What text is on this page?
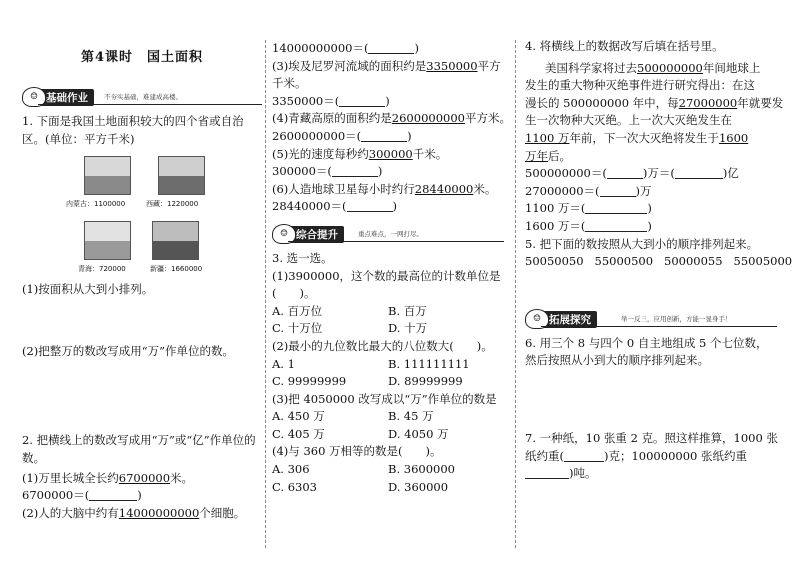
第4课时　国土面积
基础作业
☺	不夯实基础，难建成高楼。

1. 下面是我国土地面积较大的四个省或自治区。(单位：平方千米)

内蒙古：1100000	西藏：1220000
青海：720000	新疆：1660000

(1)按面积从大到小排列。

(2)把整万的数改写成用“万”作单位的数。

2. 把横线上的数改写成用“万”或“亿”作单位的数。

(1)万里长城全长约6700000米。

6700000＝(	)

(2)人的大脑中约有14000000000个细胞。

14000000000＝(	)

(3)埃及尼罗河流域的面积约是3350000平方

千米。

3350000＝(	)

(4)青藏高原的面积约是2600000000平方米。

2600000000＝(	)

(5)光的速度每秒约300000千米。

300000＝(	)

(6)人造地球卫星每小时约行28440000米。

28440000＝(	)

综合提升
☺	重点难点，一网打尽。

3. 选一选。

(1)3900000，这个数的最高位的计数单位是

(　　)。

A. 百万位	B. 百万
C. 十万位	D. 十万

(2)最小的九位数比最大的八位数大(　　)。

A. 1	B. 111111111
C. 99999999	D. 89999999

(3)把 4050000 改写成以“万”作单位的数是

A. 450 万	B. 45 万
C. 405 万	D. 4050 万

(4)与 360 万相等的数是(　　)。

A. 306	B. 3600000
C. 6303	D. 360000

4. 将横线上的数据改写后填在括号里。

美国科学家将过去500000000年间地球上

发生的重大物种灭绝事件进行研究得出：在这

漫长的 500000000 年中，每27000000年就要发

生一次物种大灭绝。上一次大灭绝发生在

1100 万年前，下一次大灭绝将发生于1600

万年后。

500000000＝(	)万＝(	)亿

27000000＝(	)万

1100 万＝(	)

1600 万＝(	)

5. 把下面的数按照从大到小的顺序排列起来。

50050050 55000500 50000055 55005000

拓展探究
☺	举一反三，应用创新，方能一显身手！

6. 用三个 8 与四个 0 自主地组成 5 个七位数，

然后按照从小到大的顺序排列起来。

7. 一种纸，10 张重 2 克。照这样推算，1000 张

纸约重(	)克；100000000 张纸约重

)吨。
